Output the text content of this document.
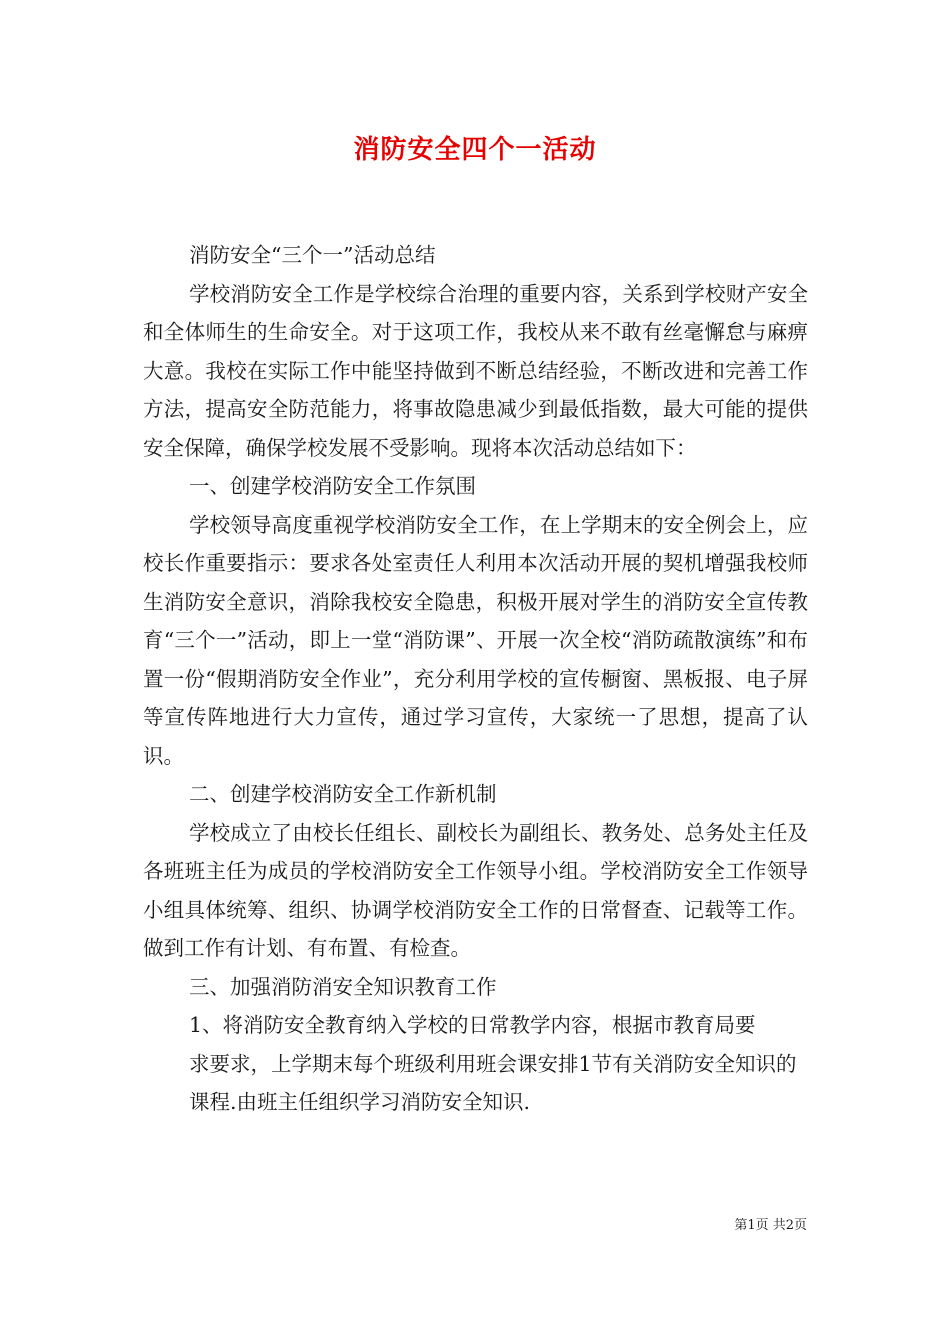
消防安全四个一活动

消防安全“三个一”活动总结

学校消防安全工作是学校综合治理的重要内容，关系到学校财产安全和全体师生的生命安全。对于这项工作，我校从来不敢有丝毫懈怠与麻痹大意。我校在实际工作中能坚持做到不断总结经验，不断改进和完善工作方法，提高安全防范能力，将事故隐患减少到最低指数，最大可能的提供安全保障，确保学校发展不受影响。现将本次活动总结如下：

一、创建学校消防安全工作氛围

学校领导高度重视学校消防安全工作，在上学期末的安全例会上，应校长作重要指示：要求各处室责任人利用本次活动开展的契机增强我校师生消防安全意识，消除我校安全隐患，积极开展对学生的消防安全宣传教育“三个一”活动，即上一堂“消防课”、开展一次全校“消防疏散演练”和布置一份“假期消防安全作业”，充分利用学校的宣传橱窗、黑板报、电子屏等宣传阵地进行大力宣传，通过学习宣传，大家统一了思想，提高了认识。

二、创建学校消防安全工作新机制

学校成立了由校长任组长、副校长为副组长、教务处、总务处主任及各班班主任为成员的学校消防安全工作领导小组。学校消防安全工作领导小组具体统筹、组织、协调学校消防安全工作的日常督查、记载等工作。做到工作有计划、有布置、有检查。

三、加强消防消安全知识教育工作

1、将消防安全教育纳入学校的日常教学内容，根据市教育局要

求要求，上学期末每个班级利用班会课安排1节有关消防安全知识的

课程.由班主任组织学习消防安全知识.

第1页 共2页
